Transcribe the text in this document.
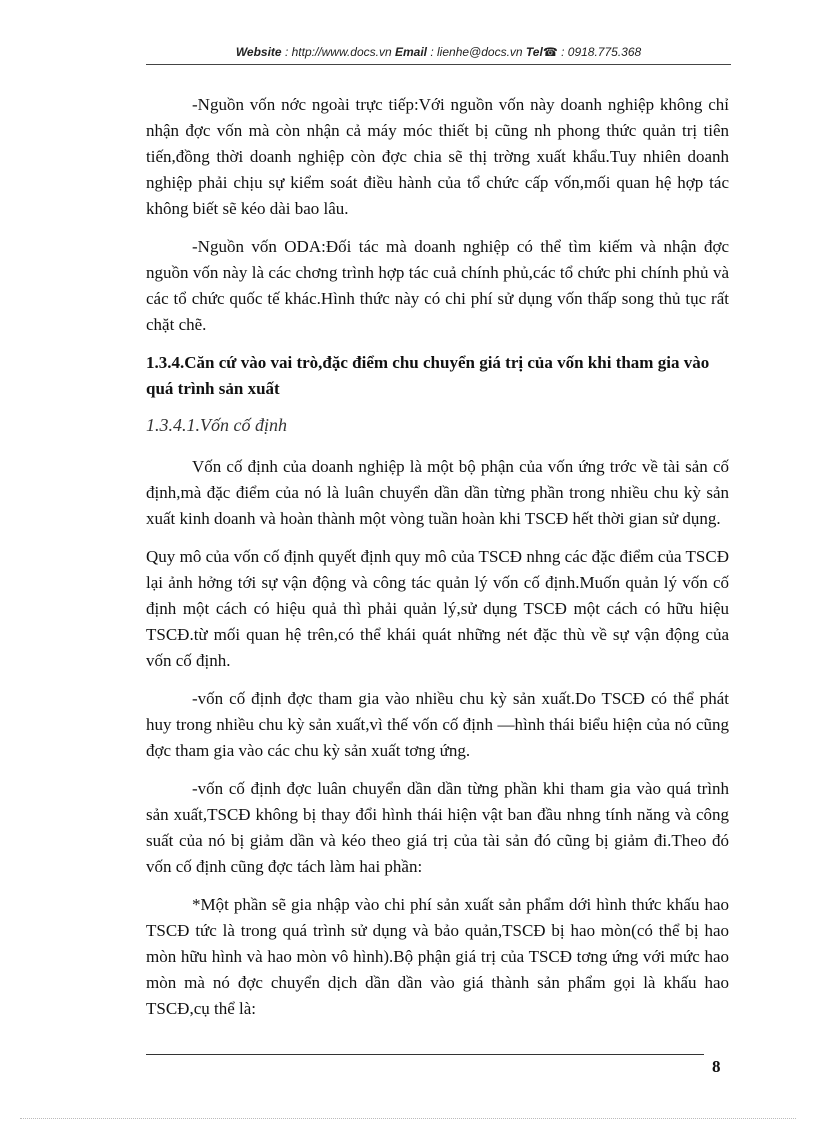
Website : http://www.docs.vn Email : lienhe@docs.vn Tel☎ : 0918.775.368

-Nguồn vốn nớc ngoài trực tiếp:Với nguồn vốn này doanh nghiệp không chỉ nhận đợc vốn mà còn nhận cả máy móc thiết bị cũng nh phong thức quản trị tiên tiến,đồng thời doanh nghiệp còn đợc chia sẽ thị trờng xuất khẩu.Tuy nhiên doanh nghiệp phải chịu sự kiểm soát điều hành của tổ chức cấp vốn,mối quan hệ hợp tác không biết sẽ kéo dài bao lâu.

-Nguồn vốn ODA:Đối tác mà doanh nghiệp có thể tìm kiếm và nhận đợc nguồn vốn này là các chơng trình hợp tác cuả chính phủ,các tổ chức phi chính phủ và các tổ chức quốc tế khác.Hình thức này có chi phí sử dụng vốn thấp song thủ tục rất chặt chẽ.

1.3.4.Căn cứ vào vai trò,đặc điểm chu chuyển giá trị của vốn khi tham gia vào quá trình sản xuất
1.3.4.1.Vốn cố định

Vốn cố định của doanh nghiệp là một bộ phận của vốn ứng trớc về tài sản cố định,mà đặc điểm của nó là luân chuyển dần dần từng phần trong nhiều chu kỳ sản xuất kinh doanh và hoàn thành một vòng tuần hoàn khi TSCĐ hết thời gian sử dụng.

Quy mô của vốn cố định quyết định quy mô của TSCĐ nhng các đặc điểm của TSCĐ lại ảnh hởng tới sự vận động và công tác quản lý vốn cố định.Muốn quản lý vốn cố định một cách có hiệu quả thì phải quản lý,sử dụng TSCĐ một cách có hữu hiệu TSCĐ.từ mối quan hệ trên,có thể khái quát những nét đặc thù về sự vận động của vốn cố định.

-vốn cố định đợc tham gia vào nhiều chu kỳ sản xuất.Do TSCĐ có thể phát huy trong nhiều chu kỳ sản xuất,vì thế vốn cố định —hình thái biểu hiện của nó cũng đợc tham gia vào các chu kỳ sản xuất tơng ứng.

-vốn cố định đợc luân chuyển dần dần từng phần khi tham gia vào quá trình sản xuất,TSCĐ không bị thay đổi hình thái hiện vật ban đầu nhng tính năng và công suất của nó bị giảm dần và kéo theo giá trị của tài sản đó cũng bị giảm đi.Theo đó vốn cố định cũng đợc tách làm hai phần:

*Một phần sẽ gia nhập vào chi phí sản xuất sản phẩm dới hình thức khấu hao TSCĐ tức là trong quá trình sử dụng và bảo quản,TSCĐ bị hao mòn(có thể bị hao mòn hữu hình và hao mòn vô hình).Bộ phận giá trị của TSCĐ tơng ứng với mức hao mòn mà nó đợc chuyển dịch dần dần vào giá thành sản phẩm gọi là khấu hao TSCĐ,cụ thể là:

8
